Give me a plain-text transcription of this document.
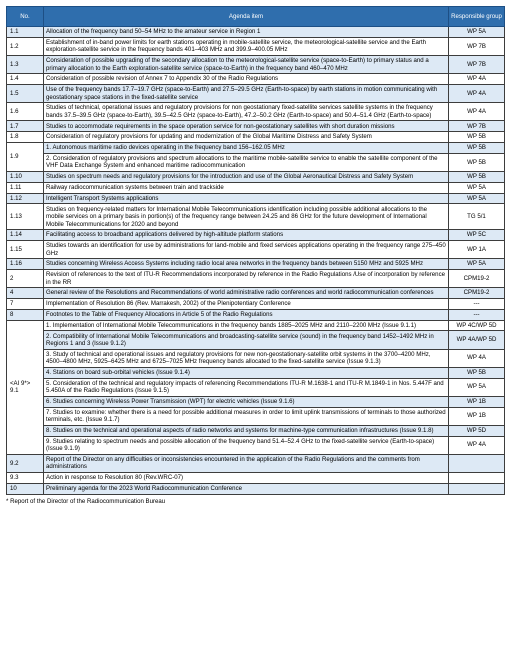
No.	Agenda item	Responsible group
1.1	Allocation of the frequency band 50–54 MHz to the amateur service in Region 1	WP 5A
1.2	Establishment of in-band power limits for earth stations operating in mobile-satellite service, the meteorological-satellite service and the Earth exploration-satellite service in the frequency bands 401–403 MHz and 399.9–400.05 MHz	WP 7B
1.3	Consideration of possible upgrading of the secondary allocation to the meteorological-satellite service (space-to-Earth) to primary status and a primary allocation to the Earth exploration-satellite service (space-to-Earth) in the frequency band 460–470 MHz	WP 7B
1.4	Consideration of possible revision of Annex 7 to Appendix 30 of the Radio Regulations	WP 4A
1.5	Use of the frequency bands 17.7–19.7 GHz (space-to-Earth) and 27.5–29.5 GHz (Earth-to-space) by earth stations in motion communicating with geostationary space stations in the fixed-satellite service	WP 4A
1.6	Studies of technical, operational issues and regulatory provisions for non geostationary fixed-satellite services satellite systems in the frequency bands 37.5–39.5 GHz (space-to-Earth), 39.5–42.5 GHz (space-to-Earth), 47.2–50.2 GHz (Earth-to-space) and 50.4–51.4 GHz (Earth-to-space)	WP 4A
1.7	Studies to accommodate requirements in the space operation service for non-geostationary satellites with short duration missions	WP 7B
1.8	Consideration of regulatory provisions for updating and modernization of the Global Maritime Distress and Safety System	WP 5B
1.9	1. Autonomous maritime radio devices operating in the frequency band 156–162.05 MHz	WP 5B
	2. Consideration of regulatory provisions and spectrum allocations to the maritime mobile-satellite service to enable the satellite component of the VHF Data Exchange System and enhanced maritime radiocommunication	WP 5B
1.10	Studies on spectrum needs and regulatory provisions for the introduction and use of the Global Aeronautical Distress and Safety System	WP 5B
1.11	Railway radiocommunication systems between train and trackside	WP 5A
1.12	Intelligent Transport Systems applications	WP 5A
1.13	Studies on frequency-related matters for International Mobile Telecommunications identification including possible additional allocations to the mobile services on a primary basis in portion(s) of the frequency range between 24.25 and 86 GHz for the future development of International Mobile Telecommunications for 2020 and beyond	TG 5/1
1.14	Facilitating access to broadband applications delivered by high-altitude platform stations	WP 5C
1.15	Studies towards an identification for use by administrations for land-mobile and fixed services applications operating in the frequency range 275–450 GHz	WP 1A
1.16	Studies concerning Wireless Access Systems including radio local area networks in the frequency bands between 5150 MHz and 5925 MHz	WP 5A
2	Revision of references to the text of ITU-R Recommendations incorporated by reference in the Radio Regulations /Use of incorporation by reference in the RR	CPM19-2
4	General review of the Resolutions and Recommendations of world administrative radio conferences and world radiocommunication conferences	CPM19-2
7	Implementation of Resolution 86 (Rev. Marrakesh, 2002) of the Plenipotentiary Conference	---
8	Footnotes to the Table of Frequency Allocations in Article 5 of the Radio Regulations	---
<AI 9*>
9.1	1. Implementation of International Mobile Telecommunications in the frequency bands 1885–2025 MHz and 2110–2200 MHz (Issue 9.1.1)	WP 4C/WP 5D
	2. Compatibility of International Mobile Telecommunications and broadcasting-satellite service (sound) in the frequency band 1452–1492 MHz in Regions 1 and 3 (Issue 9.1.2)	WP 4A/WP 5D
	3. Study of technical and operational issues and regulatory provisions for new non-geostationary-satellite orbit systems in the 3700–4200 MHz, 4500–4800 MHz, 5925–6425 MHz and 6725–7025 MHz frequency bands allocated to the fixed-satellite service (Issue 9.1.3)	WP 4A
	4. Stations on board sub-orbital vehicles (Issue 9.1.4)	WP 5B
	5. Consideration of the technical and regulatory impacts of referencing Recommendations ITU-R M.1638-1 and ITU-R M.1849-1 in Nos. 5.447F and 5.450A of the Radio Regulations (Issue 9.1.5)	WP 5A
	6. Studies concerning Wireless Power Transmission (WPT) for electric vehicles (Issue 9.1.6)	WP 1B
	7. Studies to examine: whether there is a need for possible additional measures in order to limit uplink transmissions of terminals to those authorized terminals, etc. (Issue 9.1.7)	WP 1B
	8. Studies on the technical and operational aspects of radio networks and systems for machine-type communication infrastructures (Issue 9.1.8)	WP 5D
	9. Studies relating to spectrum needs and possible allocation of the frequency band 51.4–52.4 GHz to the fixed-satellite service (Earth-to-space) (Issue 9.1.9)	WP 4A
9.2	Report of the Director on any difficulties or inconsistencies encountered in the application of the Radio Regulations and the comments from administrations	
9.3	Action in response to Resolution 80 (Rev.WRC-07)	
10	Preliminary agenda for the 2023 World Radiocommunication Conference	
* Report of the Director of the Radiocommunication Bureau
